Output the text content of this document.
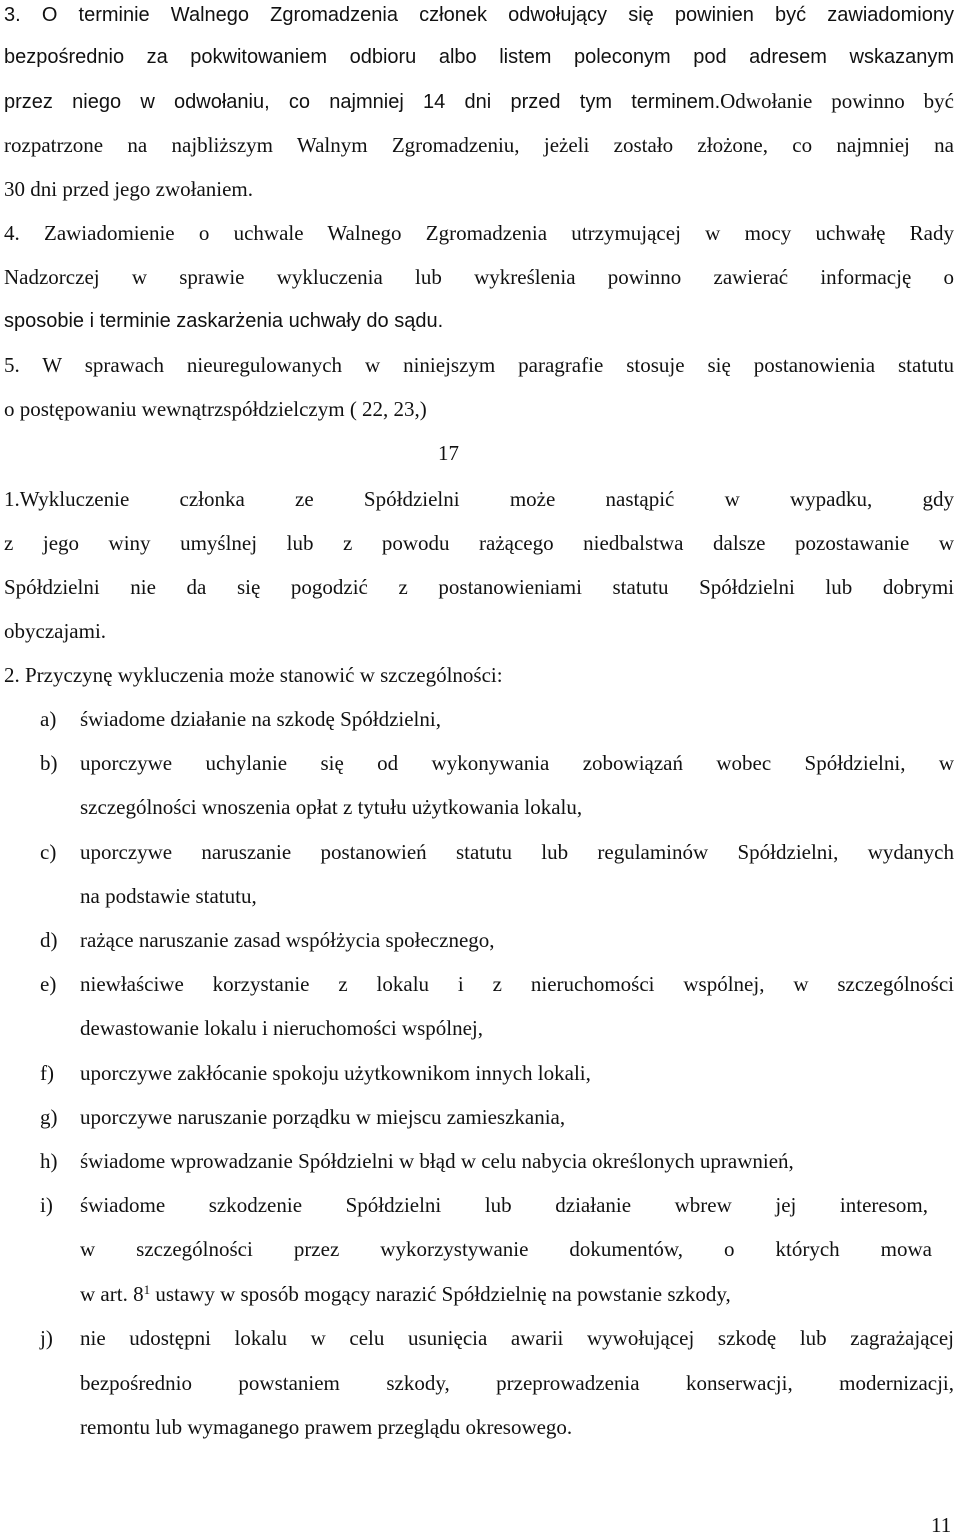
3. O terminie Walnego Zgromadzenia członek odwołujący się powinien być zawiadomiony
bezpośrednio za pokwitowaniem odbioru albo listem poleconym pod adresem wskazanym
przez niego w odwołaniu, co najmniej 14 dni przed tym terminem.Odwołanie powinno być
rozpatrzone na najbliższym Walnym Zgromadzeniu, jeżeli zostało złożone, co najmniej na
30 dni przed jego zwołaniem.
4. Zawiadomienie o uchwale Walnego Zgromadzenia utrzymującej w mocy uchwałę Rady
Nadzorczej w sprawie wykluczenia lub wykreślenia powinno zawierać informację o
sposobie i terminie zaskarżenia uchwały do sądu.
5. W sprawach nieuregulowanych w niniejszym paragrafie stosuje się postanowienia statutu
o postępowaniu wewnątrzspółdzielczym ( 22, 23,)
17
1.Wykluczenie członka ze Spółdzielni może nastąpić w wypadku, gdy
z jego winy umyślnej lub z powodu rażącego niedbalstwa dalsze pozostawanie w
Spółdzielni nie da się pogodzić z postanowieniami statutu Spółdzielni lub dobrymi
obyczajami.
2. Przyczynę wykluczenia może stanowić w szczególności:
a) świadome działanie na szkodę Spółdzielni,
b) uporczywe uchylanie się od wykonywania zobowiązań wobec Spółdzielni, w
szczególności wnoszenia opłat z tytułu użytkowania lokalu,
c) uporczywe naruszanie postanowień statutu lub regulaminów Spółdzielni, wydanych
na podstawie statutu,
d) rażące naruszanie zasad współżycia społecznego,
e) niewłaściwe korzystanie z lokalu i z nieruchomości wspólnej, w szczególności
dewastowanie lokalu i nieruchomości wspólnej,
f) uporczywe zakłócanie spokoju użytkownikom innych lokali,
g) uporczywe naruszanie porządku w miejscu zamieszkania,
h) świadome wprowadzanie Spółdzielni w błąd w celu nabycia określonych uprawnień,
i) świadome szkodzenie Spółdzielni lub działanie wbrew jej interesom,
w szczególności przez wykorzystywanie dokumentów, o których mowa
w art. $8^1$ ustawy w sposób mogący narazić Spółdzielnię na powstanie szkody,
j) nie udostępni lokalu w celu usunięcia awarii wywołującej szkodę lub zagrażającej
bezpośrednio powstaniem szkody, przeprowadzenia konserwacji, modernizacji,
remontu lub wymaganego prawem przeglądu okresowego.
11
